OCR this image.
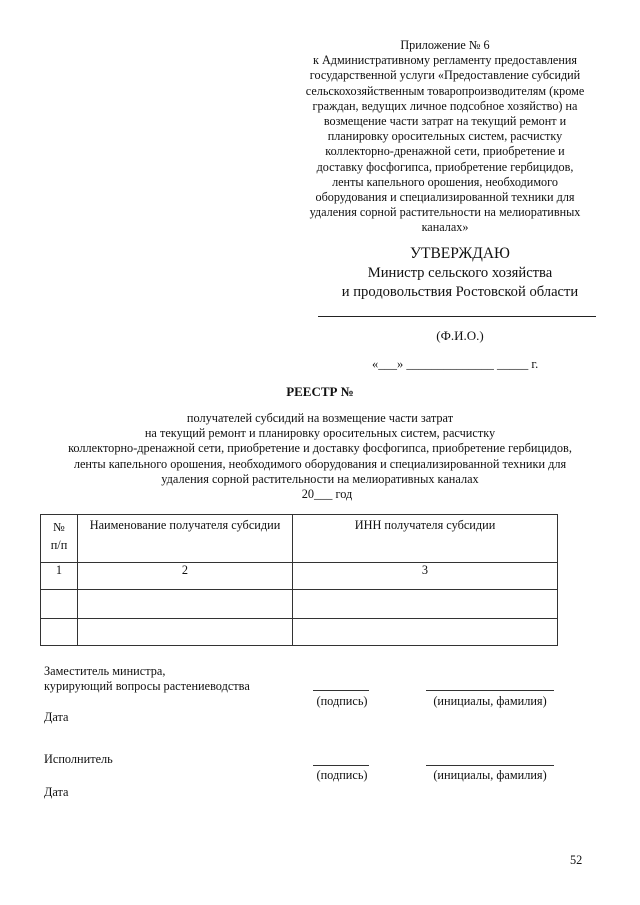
Приложение № 6
к Административному регламенту предоставления
государственной услуги «Предоставление субсидий
сельскохозяйственным товаропроизводителям (кроме
граждан, ведущих личное подсобное хозяйство) на
возмещение части затрат на текущий ремонт и
планировку оросительных систем, расчистку
коллекторно-дренажной сети, приобретение и
доставку фосфогипса, приобретение гербицидов,
ленты капельного орошения, необходимого
оборудования и специализированной техники для
удаления сорной растительности на мелиоративных
каналах»
УТВЕРЖДАЮ
Министр сельского хозяйства
и продовольствия Ростовской области
(Ф.И.О.)
«___» ______________ _____ г.
РЕЕСТР №
получателей субсидий на возмещение части затрат
на текущий ремонт и планировку оросительных систем, расчистку
коллекторно-дренажной сети, приобретение и доставку фосфогипса, приобретение гербицидов,
ленты капельного орошения, необходимого оборудования и специализированной техники для
удаления сорной растительности на мелиоративных каналах
20___ год
№
п/п	Наименование получателя субсидии	ИНН получателя субсидии
1	2	3

Заместитель министра,
курирующий вопросы растениеводства
(подпись)	(инициалы, фамилия)
Дата
Исполнитель
(подпись)	(инициалы, фамилия)
Дата
52
